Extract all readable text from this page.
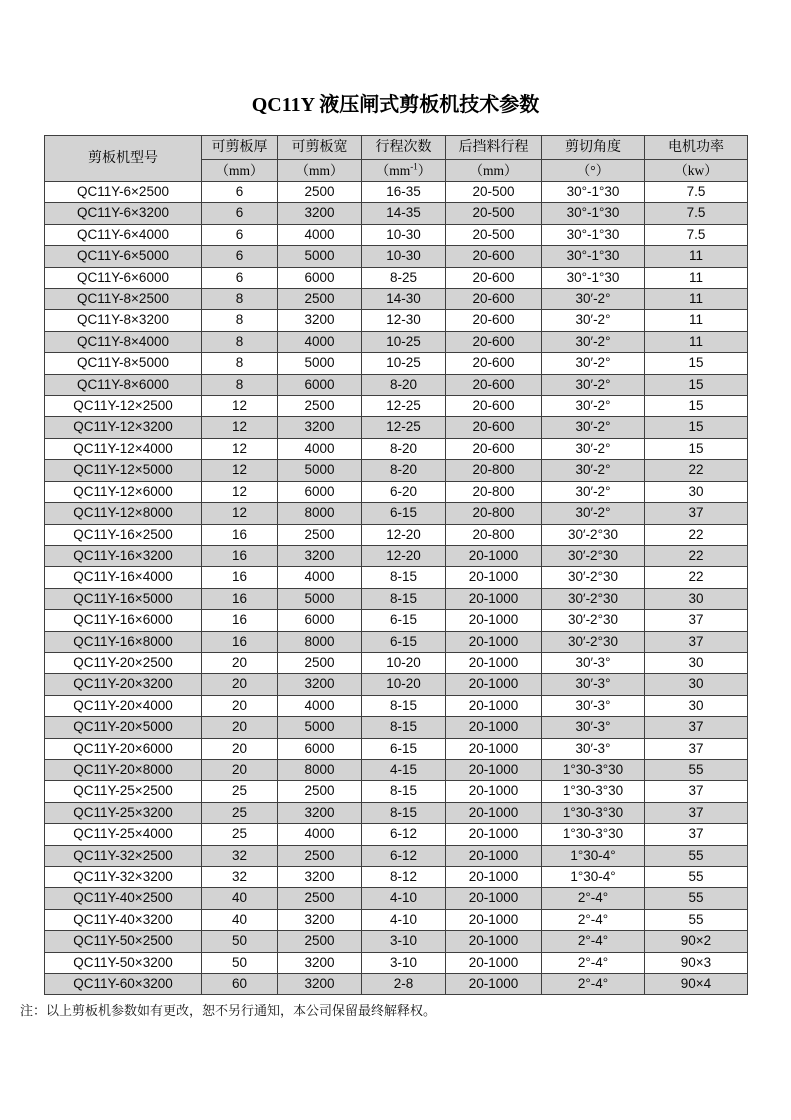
QC11Y 液压闸式剪板机技术参数
剪板机型号	可剪板厚	可剪板宽	行程次数	后挡料行程	剪切角度	电机功率
	（mm）	（mm）	$(mm^{-1})$	（mm）	（°）	（kw）
QC11Y-6×2500	6	2500	16-35	20-500	30°-1°30	7.5
QC11Y-6×3200	6	3200	14-35	20-500	30°-1°30	7.5
QC11Y-6×4000	6	4000	10-30	20-500	30°-1°30	7.5
QC11Y-6×5000	6	5000	10-30	20-600	30°-1°30	11
QC11Y-6×6000	6	6000	8-25	20-600	30°-1°30	11
QC11Y-8×2500	8	2500	14-30	20-600	30′-2°	11
QC11Y-8×3200	8	3200	12-30	20-600	30′-2°	11
QC11Y-8×4000	8	4000	10-25	20-600	30′-2°	11
QC11Y-8×5000	8	5000	10-25	20-600	30′-2°	15
QC11Y-8×6000	8	6000	8-20	20-600	30′-2°	15
QC11Y-12×2500	12	2500	12-25	20-600	30′-2°	15
QC11Y-12×3200	12	3200	12-25	20-600	30′-2°	15
QC11Y-12×4000	12	4000	8-20	20-600	30′-2°	15
QC11Y-12×5000	12	5000	8-20	20-800	30′-2°	22
QC11Y-12×6000	12	6000	6-20	20-800	30′-2°	30
QC11Y-12×8000	12	8000	6-15	20-800	30′-2°	37
QC11Y-16×2500	16	2500	12-20	20-800	30′-2°30	22
QC11Y-16×3200	16	3200	12-20	20-1000	30′-2°30	22
QC11Y-16×4000	16	4000	8-15	20-1000	30′-2°30	22
QC11Y-16×5000	16	5000	8-15	20-1000	30′-2°30	30
QC11Y-16×6000	16	6000	6-15	20-1000	30′-2°30	37
QC11Y-16×8000	16	8000	6-15	20-1000	30′-2°30	37
QC11Y-20×2500	20	2500	10-20	20-1000	30′-3°	30
QC11Y-20×3200	20	3200	10-20	20-1000	30′-3°	30
QC11Y-20×4000	20	4000	8-15	20-1000	30′-3°	30
QC11Y-20×5000	20	5000	8-15	20-1000	30′-3°	37
QC11Y-20×6000	20	6000	6-15	20-1000	30′-3°	37
QC11Y-20×8000	20	8000	4-15	20-1000	1°30-3°30	55
QC11Y-25×2500	25	2500	8-15	20-1000	1°30-3°30	37
QC11Y-25×3200	25	3200	8-15	20-1000	1°30-3°30	37
QC11Y-25×4000	25	4000	6-12	20-1000	1°30-3°30	37
QC11Y-32×2500	32	2500	6-12	20-1000	1°30-4°	55
QC11Y-32×3200	32	3200	8-12	20-1000	1°30-4°	55
QC11Y-40×2500	40	2500	4-10	20-1000	2°-4°	55
QC11Y-40×3200	40	3200	4-10	20-1000	2°-4°	55
QC11Y-50×2500	50	2500	3-10	20-1000	2°-4°	90×2
QC11Y-50×3200	50	3200	3-10	20-1000	2°-4°	90×3
QC11Y-60×3200	60	3200	2-8	20-1000	2°-4°	90×4

注：以上剪板机参数如有更改，恕不另行通知，本公司保留最终解释权。
